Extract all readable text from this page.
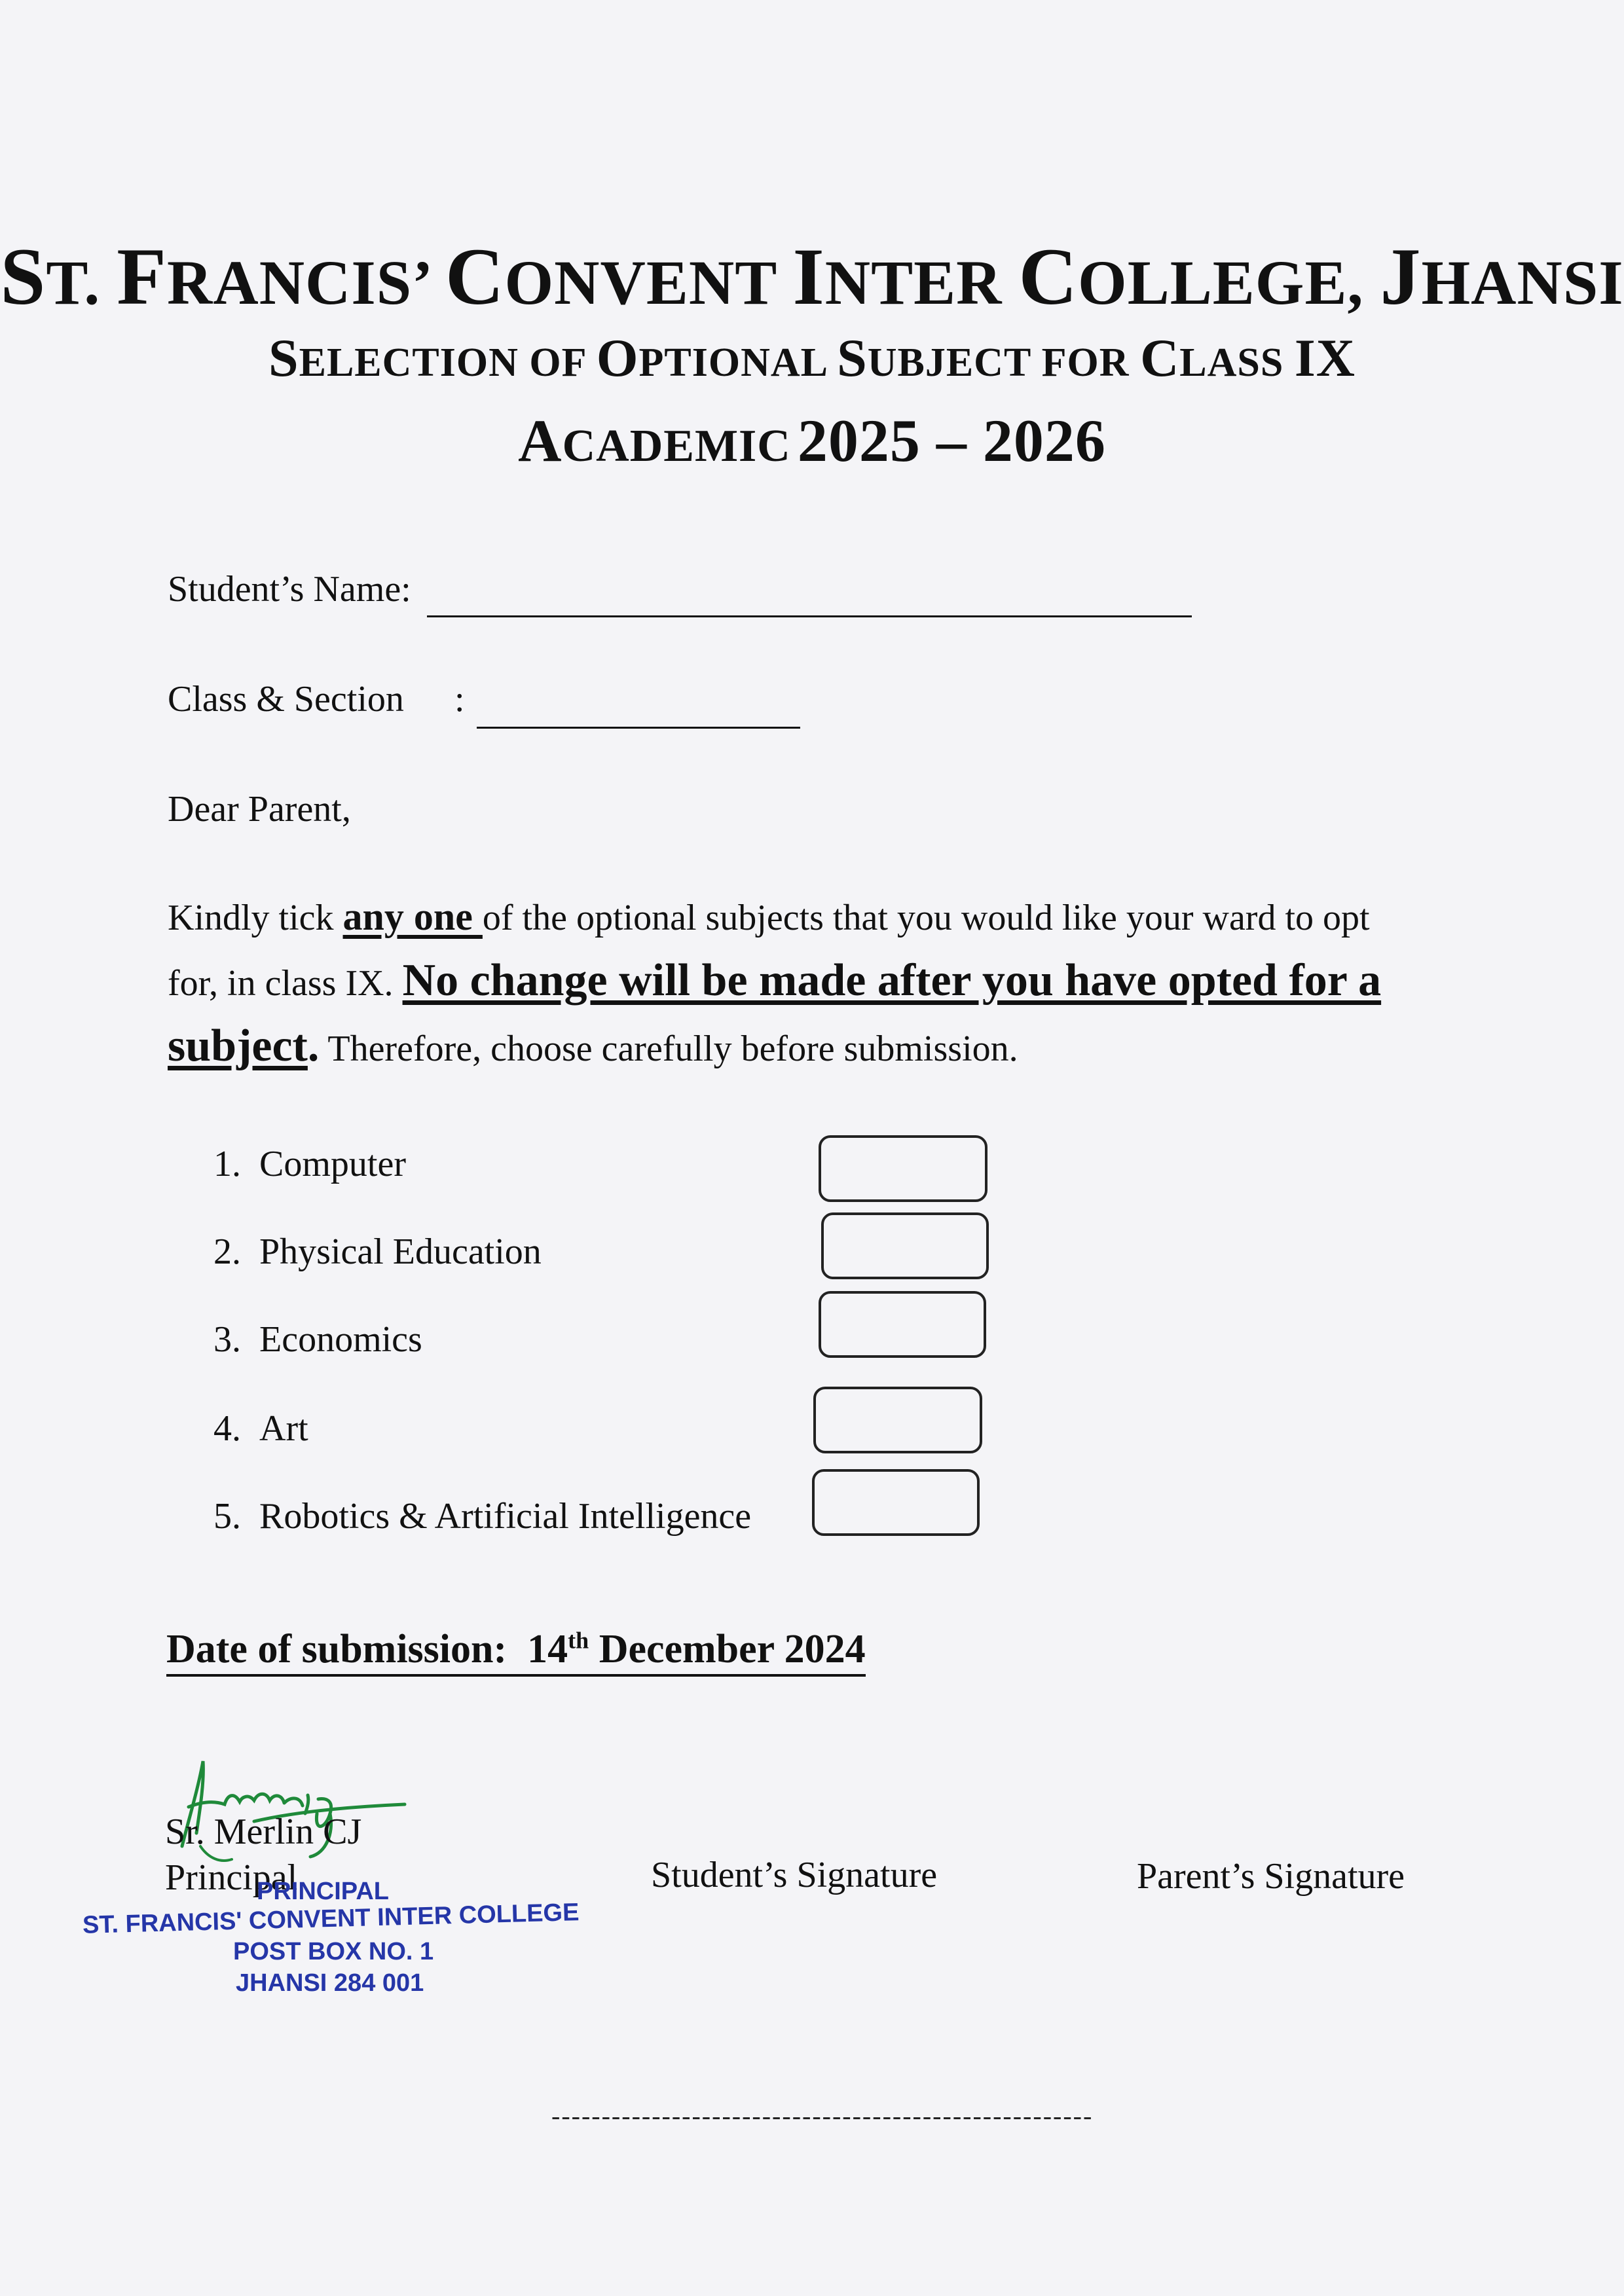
ST. FRANCIS’ CONVENT INTER COLLEGE, JHANSI
SELECTION OF OPTIONAL SUBJECT FOR CLASS IX
ACADEMIC 2025 – 2026
Student’s Name:
Class & Section :
Dear Parent,
Kindly tick any one of the optional subjects that you would like your ward to opt for, in class IX. No change will be made after you have opted for a subject. Therefore, choose carefully before submission.
1. Computer
2. Physical Education
3. Economics
4. Art
5. Robotics & Artificial Intelligence
Date of submission: 14th December 2024
Sr. Merlin CJ
Principal
PRINCIPAL
ST. FRANCIS' CONVENT INTER COLLEGE
POST BOX NO. 1
JHANSI 284 001
Student’s Signature	Parent’s Signature
------------------------------------------------------
